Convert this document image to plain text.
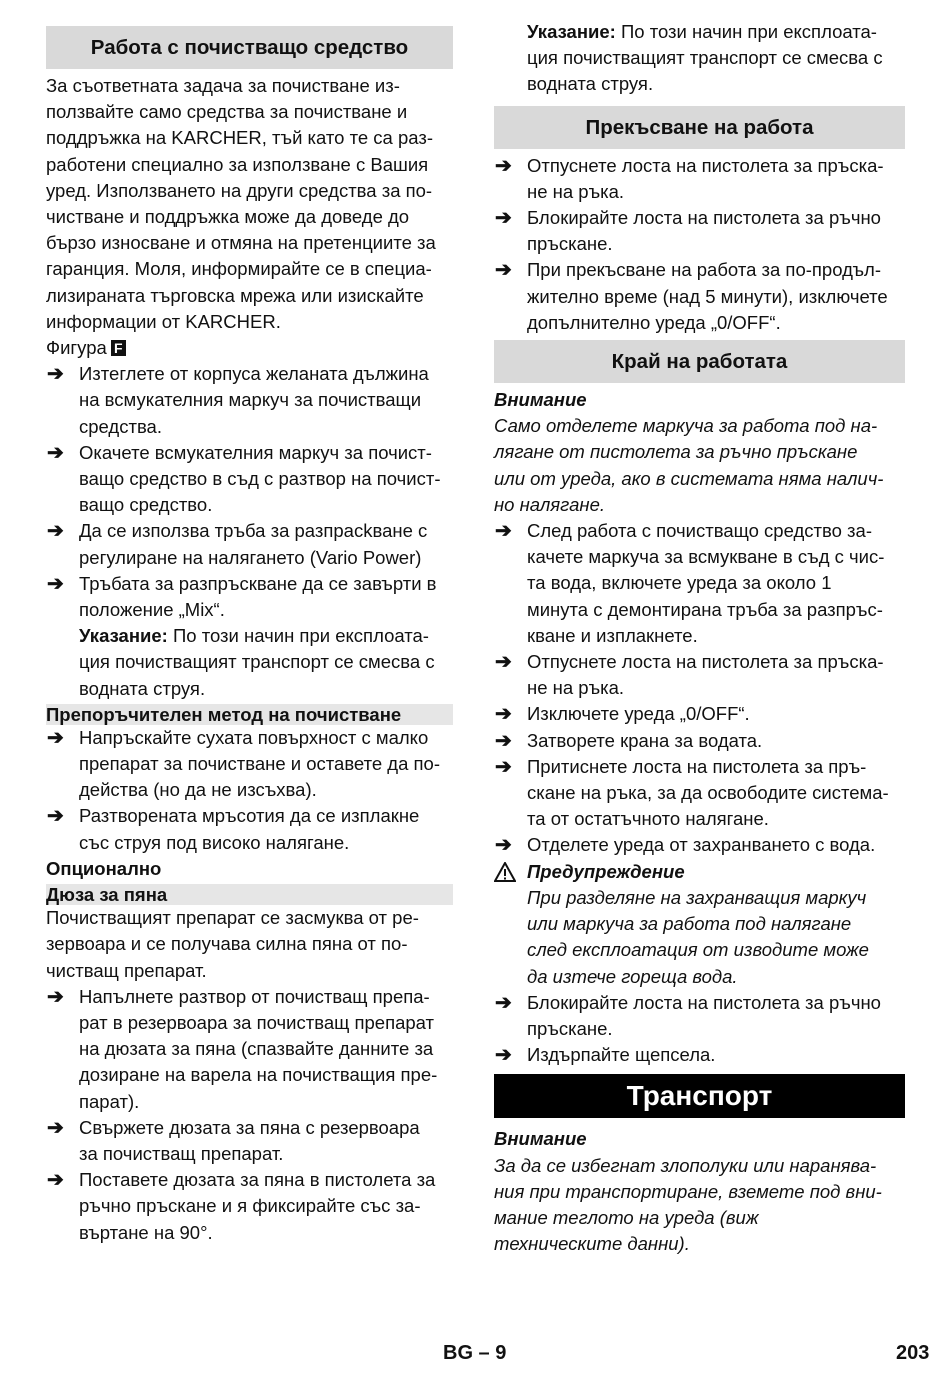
Работа с почистващо средство
За съответната задача за почистване из-
ползвайте само средства за почистване и
поддръжка на KARCHER, тъй като те са раз-
работени специално за използване с Вашия
уред. Използването на други средства за по-
чистване и поддръжка може да доведе до
бързо износване и отмяна на претенциите за
гаранция. Моля, информирайте се в специа-
лизираната търговска мрежа или изискайте
информации от KARCHER.

Фигура F

➔ Изтеглете от корпуса желаната дължина
на всмукателния маркуч за почистващи
средства.
➔ Окачете всмукателния маркуч за почист-
ващо средство в съд с разтвор на почист-
ващо средство.
➔ Да се използва тръба за разпрасkване с
регулиране на налягането (Vario Power)
➔ Тръбата за разпръскване да се завърти в
положение „Mix“.
Указание: По този начин при експлоата-
ция почистващият транспорт се смесва с
водната струя.
Препоръчителен метод на почистване
➔ Напръскайте сухата повърхност с малко
препарат за почистване и оставете да по-
действа (но да не изсъхва).
➔ Разтворената мръсотия да се изплакне
със струя под високо налягане.

Опционално

Дюза за пяна
Почистващият препарат се засмуква от ре-
зервоара и се получава силна пяна от по-
чистващ препарат.
➔ Напълнете разтвор от почистващ препа-
рат в резервоара за почистващ препарат
на дюзата за пяна (спазвайте данните за
дозиране на варела на почистващия пре-
парат).
➔ Свържете дюзата за пяна с резервоара
за почистващ препарат.
➔ Поставете дюзата за пяна в пистолета за
ръчно пръскане и я фиксирайте със за-
въртане на 90°.
Указание: По този начин при експлоата-
ция почистващият транспорт се смесва с
водната струя.
Прекъсване на работа
➔ Отпуснете лоста на пистолета за пръска-
не на ръка.
➔ Блокирайте лоста на пистолета за ръчно
пръскане.
➔ При прекъсване на работа за по-продъл-
жително време (над 5 минути), изключете
допълнително уреда „0/OFF“.
Край на работата

Внимание

Само отделете маркуча за работа под на-
лягане от пистолета за ръчно пръскане
или от уреда, ако в системата няма налич-
но налягане.
➔ След работа с почистващо средство за-
качете маркуча за всмукване в съд с чис-
та вода, включете уреда за около 1
минута с демонтирана тръба за разпръс-
кване и изплакнете.
➔ Отпуснете лоста на пистолета за пръска-
не на ръка.
➔ Изключете уреда „0/OFF“.
➔ Затворете крана за водата.
➔ Притиснете лоста на пистолета за пръ-
скане на ръка, за да освободите система-
та от остатъчното налягане.
➔ Отделете уреда от захранването с вода.

Предупреждение

При разделяне на захранващия маркуч
или маркуча за работа под налягане
след експлоатация от изводите може
да изтече гореща вода.
➔ Блокирайте лоста на пистолета за ръчно
пръскане.
➔ Издърпайте щепсела.
Транспорт

Внимание

За да се избегнат злополуки или наранява-
ния при транспортиране, вземете под вни-
мание теглото на уреда (виж
техническите данни).
BG – 9	203
